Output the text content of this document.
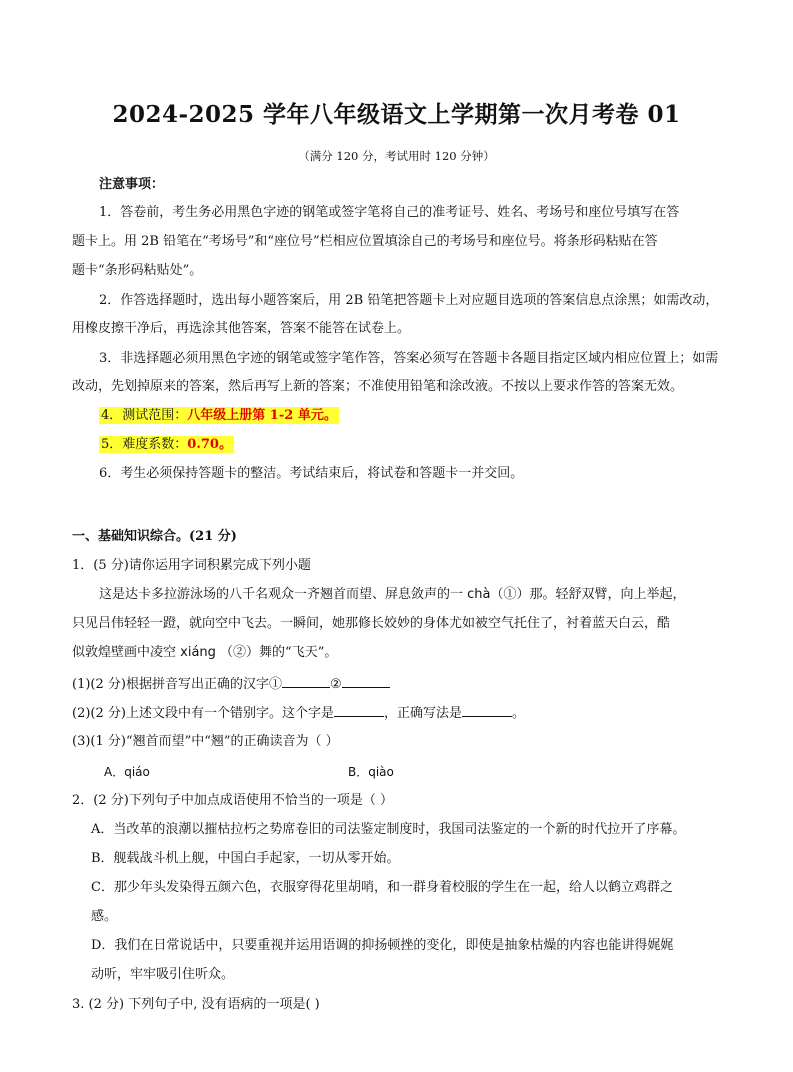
2024-2025 学年八年级语文上学期第一次月考卷 01
（满分 120 分，考试用时 120 分钟）
注意事项：
1．答卷前，考生务必用黑色字迹的钢笔或签字笔将自己的准考证号、姓名、考场号和座位号填写在答
题卡上。用 2B 铅笔在“考场号”和“座位号”栏相应位置填涂自己的考场号和座位号。将条形码粘贴在答
题卡“条形码粘贴处”。
2．作答选择题时，选出每小题答案后，用 2B 铅笔把答题卡上对应题目选项的答案信息点涂黑；如需改动，
用橡皮擦干净后，再选涂其他答案，答案不能答在试卷上。
3．非选择题必须用黑色字迹的钢笔或签字笔作答，答案必须写在答题卡各题目指定区域内相应位置上；如需
改动，先划掉原来的答案，然后再写上新的答案；不准使用铅笔和涂改液。不按以上要求作答的答案无效。
4．测试范围：八年级上册第 1-2 单元。
5．难度系数：0.70。
6．考生必须保持答题卡的整洁。考试结束后，将试卷和答题卡一并交回。
一、基础知识综合。(21 分)
1．(5 分)请你运用字词积累完成下列小题
这是达卡多拉游泳场的八千名观众一齐翘首而望、屏息敛声的一 chà（①）那。轻舒双臂，向上举起，
只见吕伟轻轻一蹬，就向空中飞去。一瞬间，她那修长姣妙的身体尤如被空气托住了，衬着蓝天白云，酷
似敦煌壁画中凌空 xiáng （②）舞的“飞天”。
(1)(2 分)根据拼音写出正确的汉字①	②
(2)(2 分)上述文段中有一个错别字。这个字是	，正确写法是	。
(3)(1 分)“翘首而望”中“翘”的正确读音为（ ）
A．qiáo	B．qiào
2．(2 分)下列句子中加点成语使用不恰当的一项是（ ）
A．当改革的浪潮以摧枯拉朽之势席卷旧的司法鉴定制度时，我国司法鉴定的一个新的时代拉开了序幕。
B．舰载战斗机上舰，中国白手起家，一切从零开始。
C．那少年头发染得五颜六色，衣服穿得花里胡哨，和一群身着校服的学生在一起，给人以鹤立鸡群之
感。
D．我们在日常说话中，只要重视并运用语调的抑扬顿挫的变化，即使是抽象枯燥的内容也能讲得娓娓
动听，牢牢吸引住听众。
3. (2 分) 下列句子中, 没有语病的一项是( )
